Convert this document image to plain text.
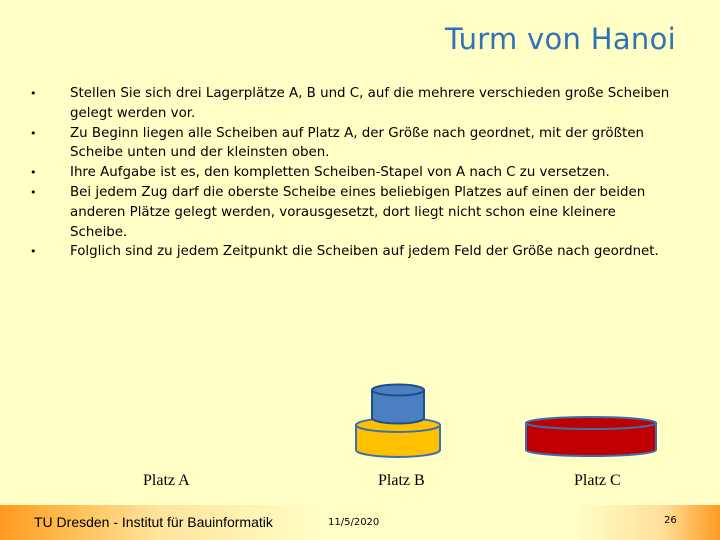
Turm von Hanoi
• Stellen Sie sich drei Lagerplätze A, B und C, auf die mehrere verschieden große Scheiben gelegt werden vor.
• Zu Beginn liegen alle Scheiben auf Platz A, der Größe nach geordnet, mit der größten Scheibe unten und der kleinsten oben.
• Ihre Aufgabe ist es, den kompletten Scheiben-Stapel von A nach C zu versetzen.
• Bei jedem Zug darf die oberste Scheibe eines beliebigen Platzes auf einen der beiden anderen Plätze gelegt werden, vorausgesetzt, dort liegt nicht schon eine kleinere Scheibe.
• Folglich sind zu jedem Zeitpunkt die Scheiben auf jedem Feld der Größe nach geordnet.
Platz A	Platz B	Platz C
TU Dresden - Institut für Bauinformatik	11/5/2020	26
